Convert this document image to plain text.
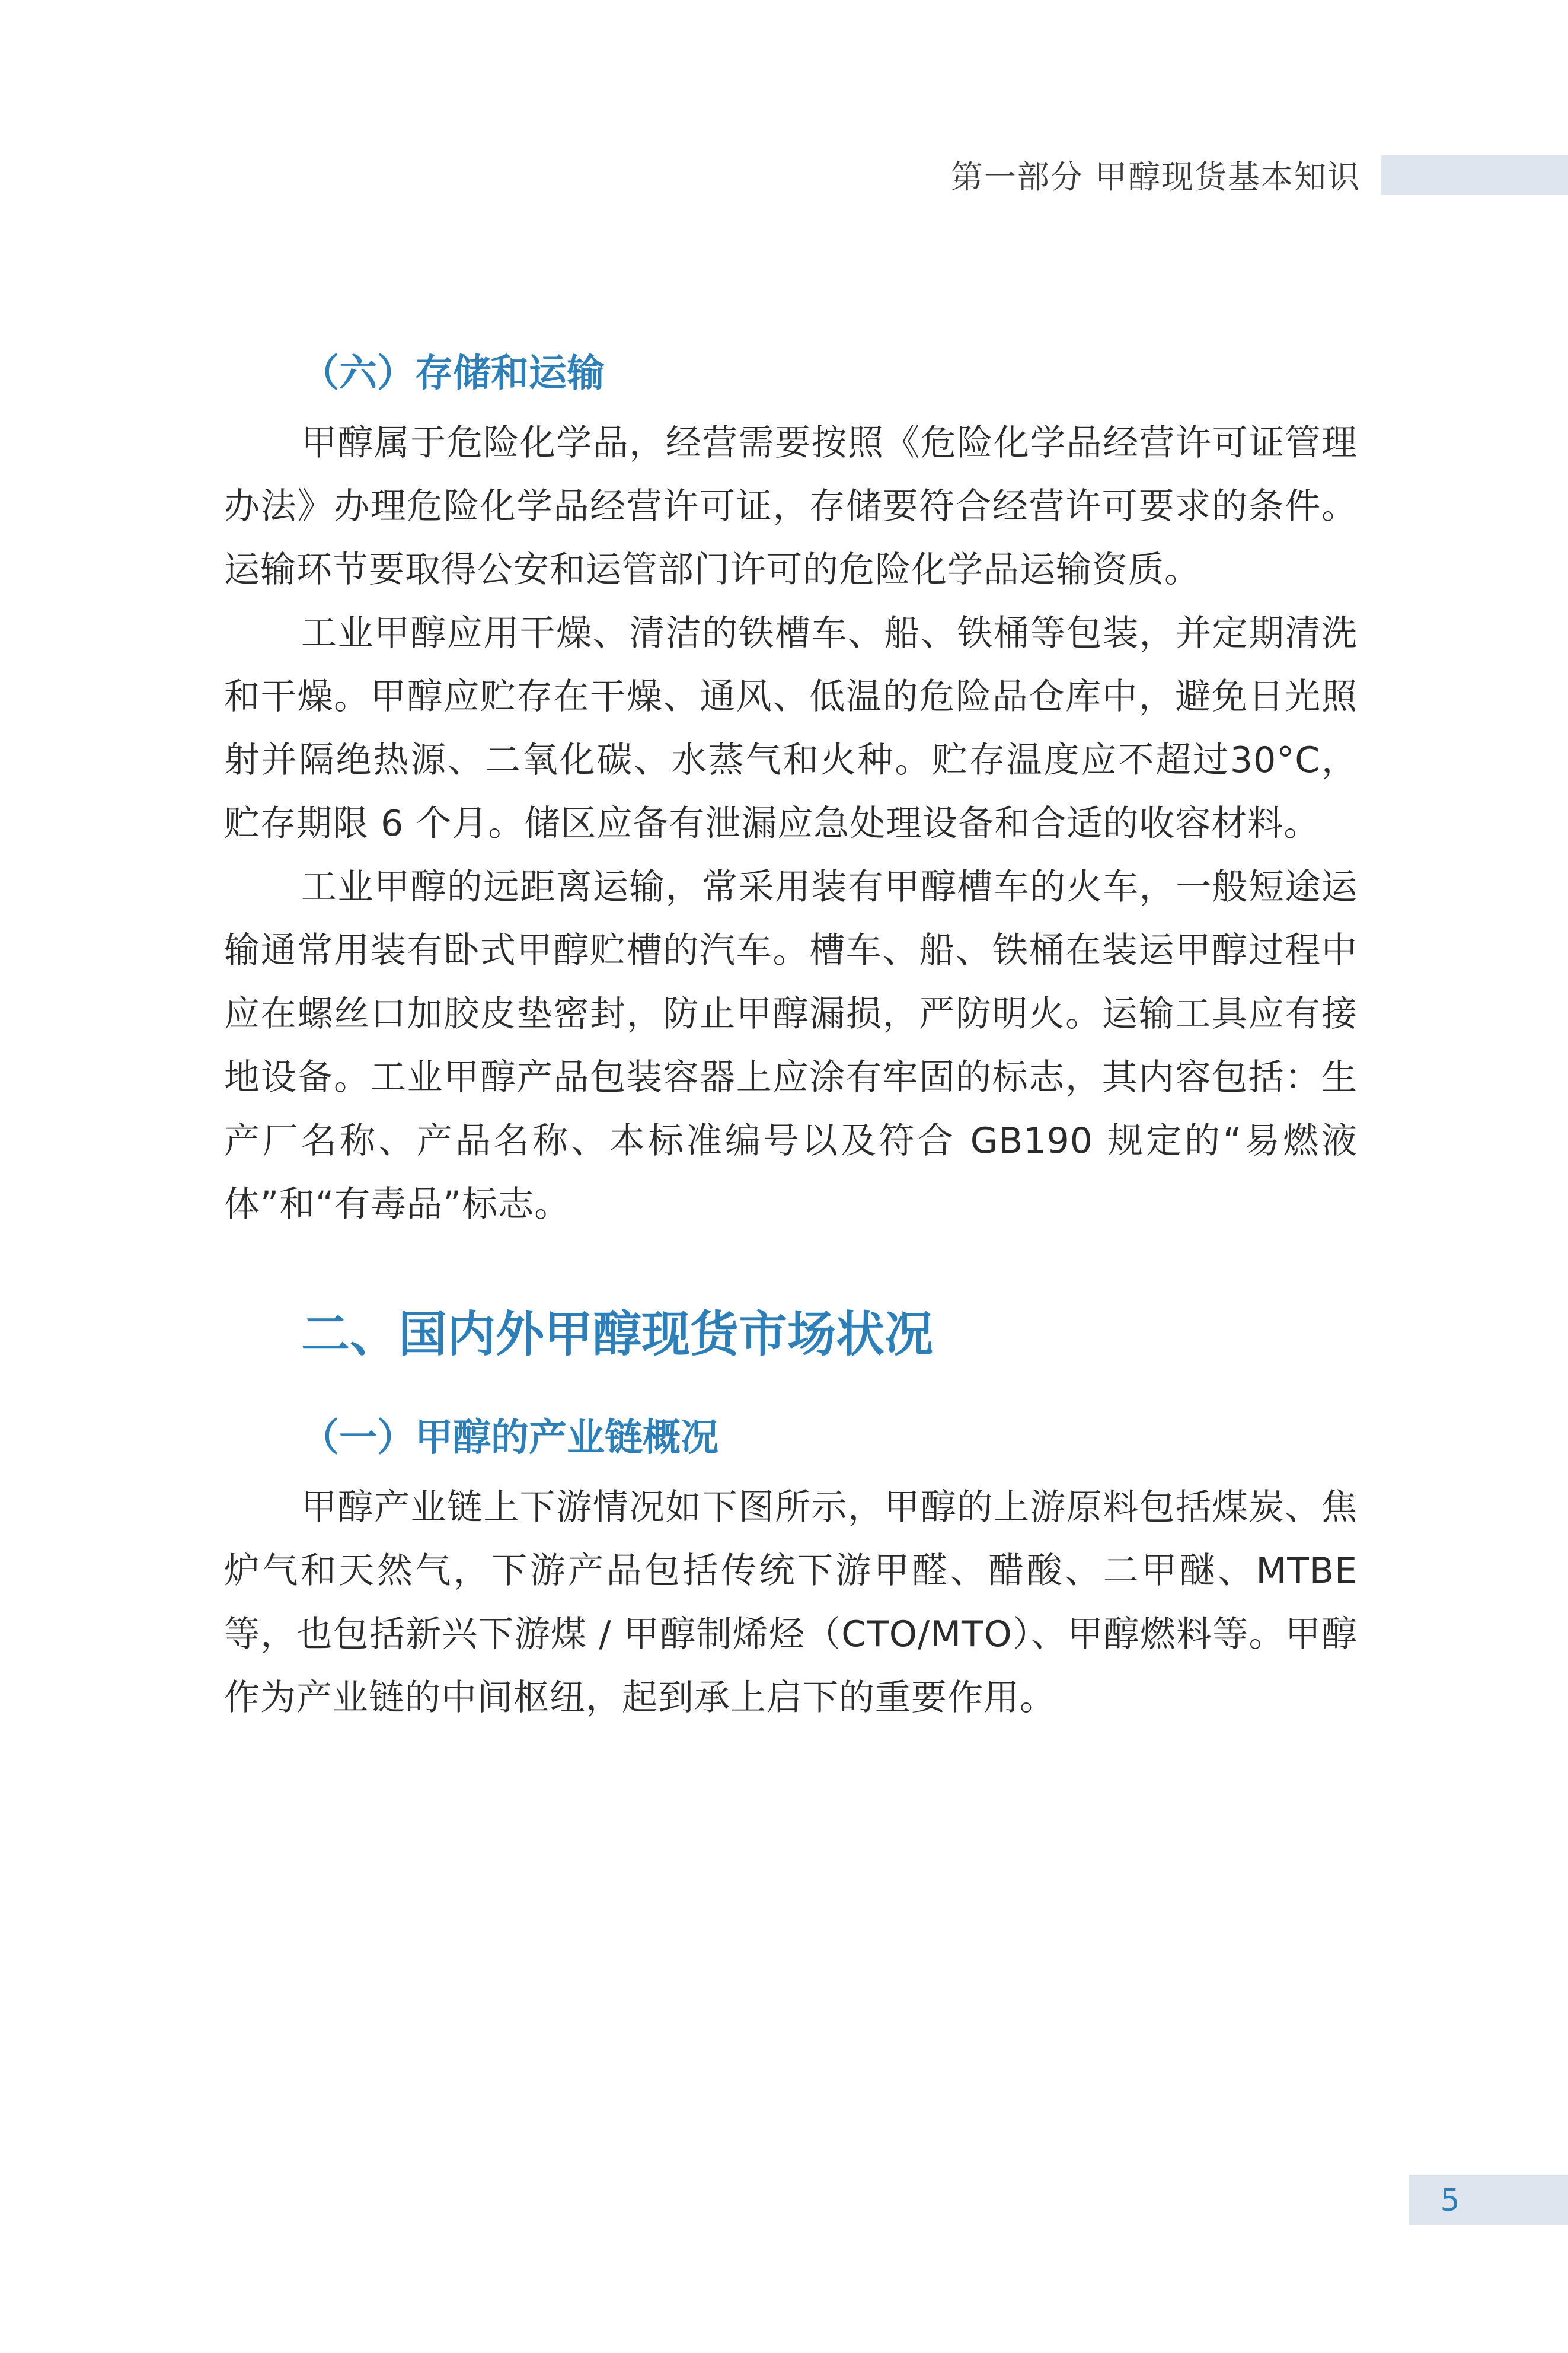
第一部分 甲醇现货基本知识
（六）存储和运输

甲醇属于危险化学品，经营需要按照《危险化学品经营许可证管理办法》办理危险化学品经营许可证，存储要符合经营许可要求的条件。运输环节要取得公安和运管部门许可的危险化学品运输资质。

工业甲醇应用干燥、清洁的铁槽车、船、铁桶等包装，并定期清洗和干燥。甲醇应贮存在干燥、通风、低温的危险品仓库中，避免日光照射并隔绝热源、二氧化碳、水蒸气和火种。贮存温度应不超过30°C，贮存期限 6 个月。储区应备有泄漏应急处理设备和合适的收容材料。

工业甲醇的远距离运输，常采用装有甲醇槽车的火车，一般短途运输通常用装有卧式甲醇贮槽的汽车。槽车、船、铁桶在装运甲醇过程中应在螺丝口加胶皮垫密封，防止甲醇漏损，严防明火。运输工具应有接地设备。工业甲醇产品包装容器上应涂有牢固的标志，其内容包括：生产厂名称、产品名称、本标准编号以及符合 GB190 规定的“易燃液体”和“有毒品”标志。

二、国内外甲醇现货市场状况
（一）甲醇的产业链概况

甲醇产业链上下游情况如下图所示，甲醇的上游原料包括煤炭、焦炉气和天然气，下游产品包括传统下游甲醛、醋酸、二甲醚、MTBE 等，也包括新兴下游煤 / 甲醇制烯烃（CTO/MTO）、甲醇燃料等。甲醇作为产业链的中间枢纽，起到承上启下的重要作用。

5
